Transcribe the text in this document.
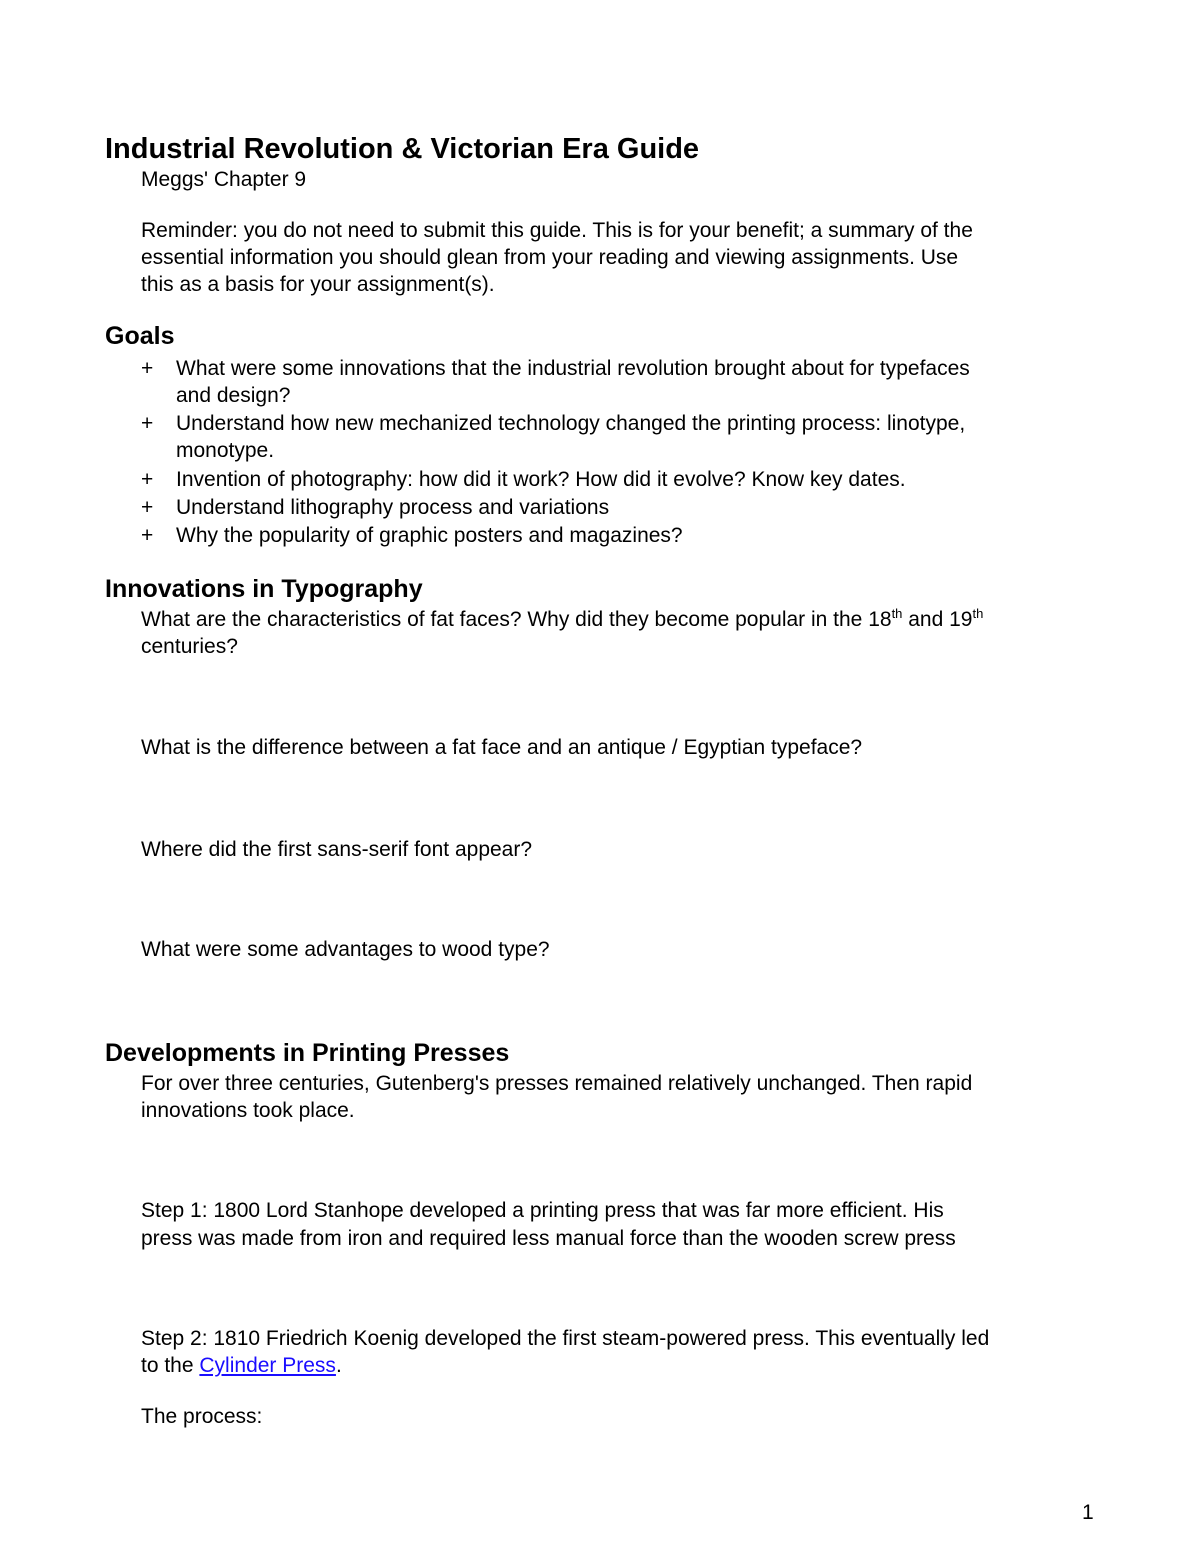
Industrial Revolution & Victorian Era Guide
Meggs' Chapter 9
Reminder: you do not need to submit this guide. This is for your benefit; a summary of the
essential information you should glean from your reading and viewing assignments. Use
this as a basis for your assignment(s).
Goals
+ What were some innovations that the industrial revolution brought about for typefaces
and design?
+ Understand how new mechanized technology changed the printing process: linotype,
monotype.
+ Invention of photography: how did it work? How did it evolve? Know key dates.
+ Understand lithography process and variations
+ Why the popularity of graphic posters and magazines?
Innovations in Typography
What are the characteristics of fat faces? Why did they become popular in the 18th and 19th
centuries?
What is the difference between a fat face and an antique / Egyptian typeface?
Where did the first sans-serif font appear?
What were some advantages to wood type?
Developments in Printing Presses
For over three centuries, Gutenberg's presses remained relatively unchanged. Then rapid
innovations took place.
Step 1: 1800 Lord Stanhope developed a printing press that was far more efficient. His
press was made from iron and required less manual force than the wooden screw press
Step 2: 1810 Friedrich Koenig developed the first steam-powered press. This eventually led
to the Cylinder Press.
The process:
1
